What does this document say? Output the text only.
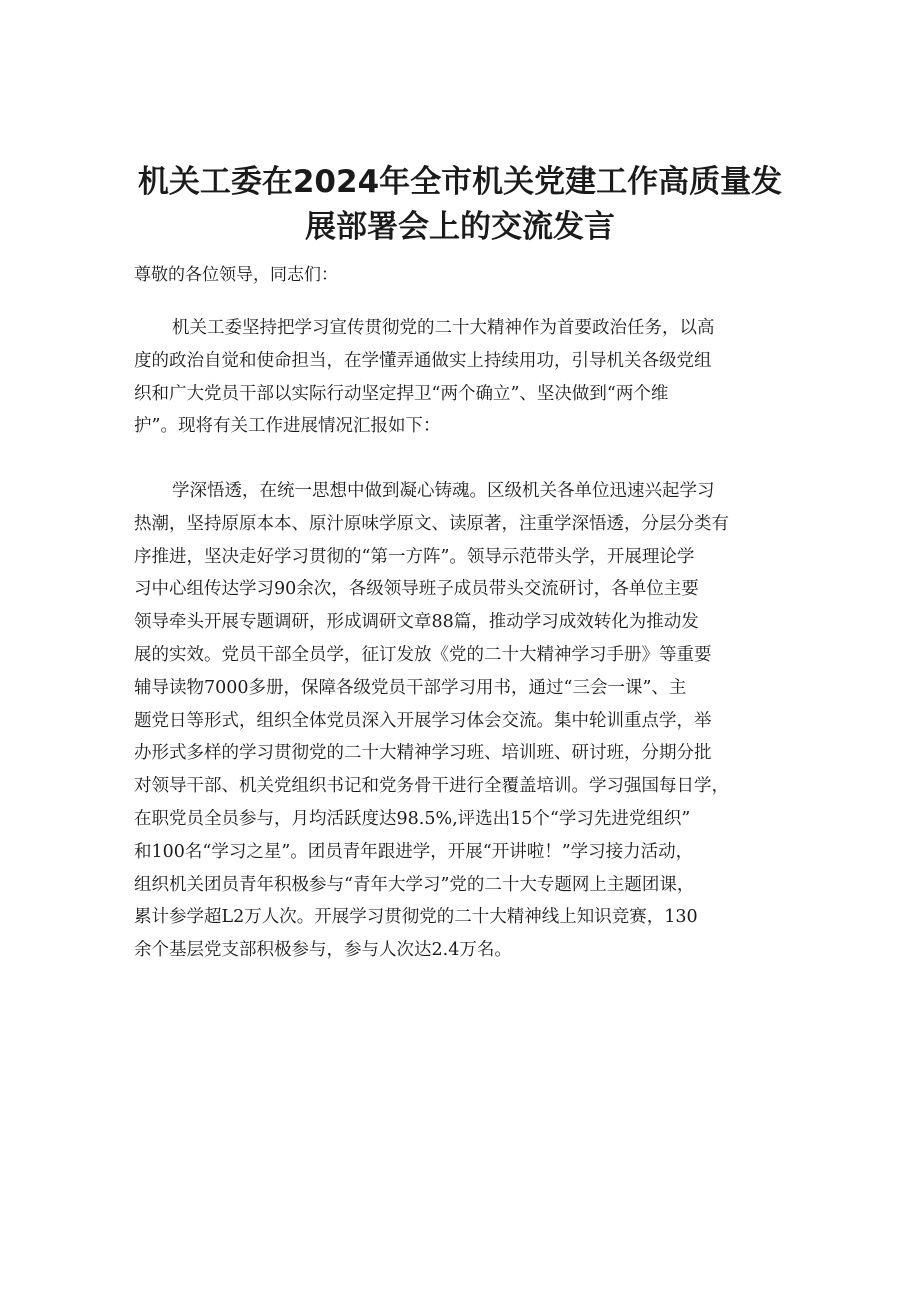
机关工委在2024年全市机关党建工作高质量发
展部署会上的交流发言

尊敬的各位领导，同志们：

机关工委坚持把学习宣传贯彻党的二十大精神作为首要政治任务，以高
度的政治自觉和使命担当，在学懂弄通做实上持续用功，引导机关各级党组
织和广大党员干部以实际行动坚定捍卫“两个确立”、坚决做到“两个维
护”。现将有关工作进展情况汇报如下：
学深悟透，在统一思想中做到凝心铸魂。区级机关各单位迅速兴起学习
热潮，坚持原原本本、原汁原味学原文、读原著，注重学深悟透，分层分类有
序推进，坚决走好学习贯彻的“第一方阵”。领导示范带头学，开展理论学
习中心组传达学习90余次，各级领导班子成员带头交流研讨，各单位主要
领导牵头开展专题调研，形成调研文章88篇，推动学习成效转化为推动发
展的实效。党员干部全员学，征订发放《党的二十大精神学习手册》等重要
辅导读物7000多册，保障各级党员干部学习用书，通过“三会一课”、主
题党日等形式，组织全体党员深入开展学习体会交流。集中轮训重点学，举
办形式多样的学习贯彻党的二十大精神学习班、培训班、研讨班，分期分批
对领导干部、机关党组织书记和党务骨干进行全覆盖培训。学习强国每日学，
在职党员全员参与，月均活跃度达98.5%,评选出15个“学习先进党组织”
和100名“学习之星”。团员青年跟进学，开展“开讲啦！”学习接力活动，
组织机关团员青年积极参与“青年大学习”党的二十大专题网上主题团课，
累计参学超L2万人次。开展学习贯彻党的二十大精神线上知识竞赛，130
余个基层党支部积极参与，参与人次达2.4万名。
